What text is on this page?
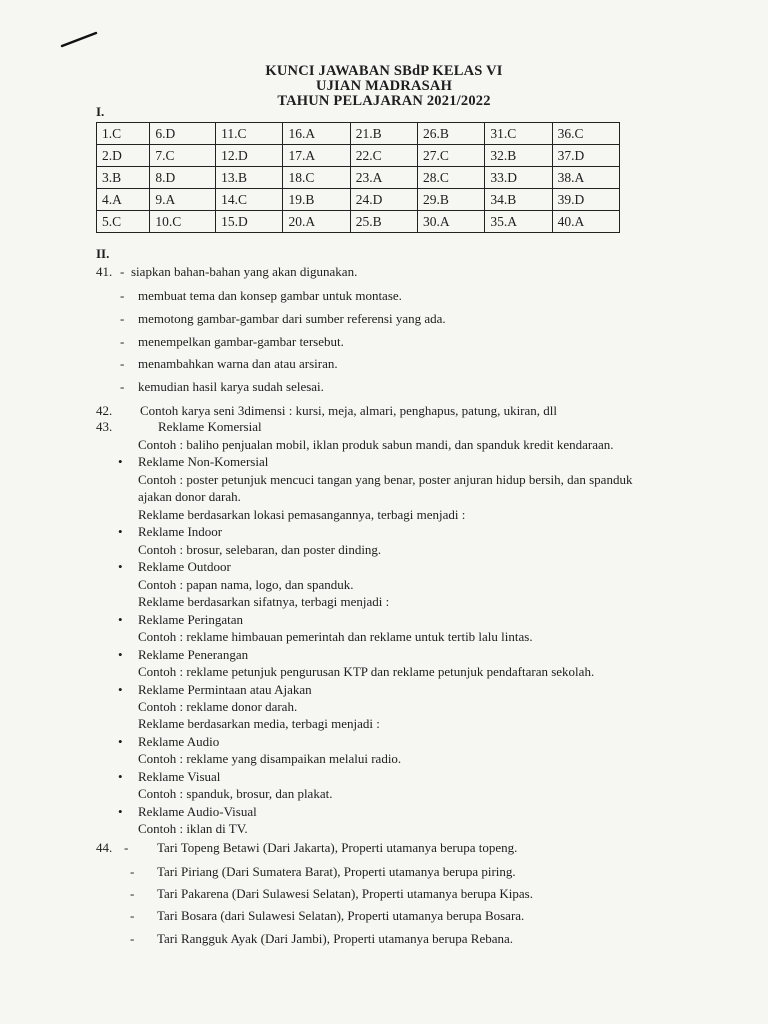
KUNCI JAWABAN SBdP KELAS VI
UJIAN MADRASAH
TAHUN PELAJARAN 2021/2022
I.
1.C	6.D	11.C	16.A	21.B	26.B	31.C	36.C
2.D	7.C	12.D	17.A	22.C	27.C	32.B	37.D
3.B	8.D	13.B	18.C	23.A	28.C	33.D	38.A
4.A	9.A	14.C	19.B	24.D	29.B	34.B	39.D
5.C	10.C	15.D	20.A	25.B	30.A	35.A	40.A
II.
41. - siapkan bahan-bahan yang akan digunakan.
- membuat tema dan konsep gambar untuk montase.
- memotong gambar-gambar dari sumber referensi yang ada.
- menempelkan gambar-gambar tersebut.
- menambahkan warna dan atau arsiran.
- kemudian hasil karya sudah selesai.
42. Contoh karya seni 3dimensi : kursi, meja, almari, penghapus, patung, ukiran, dll
43.	Reklame Komersial
Contoh : baliho penjualan mobil, iklan produk sabun mandi, dan spanduk kredit kendaraan.
• Reklame Non-Komersial
Contoh : poster petunjuk mencuci tangan yang benar, poster anjuran hidup bersih, dan spanduk
ajakan donor darah.
Reklame berdasarkan lokasi pemasangannya, terbagi menjadi :
• Reklame Indoor
Contoh : brosur, selebaran, dan poster dinding.
• Reklame Outdoor
Contoh : papan nama, logo, dan spanduk.
Reklame berdasarkan sifatnya, terbagi menjadi :
• Reklame Peringatan
Contoh : reklame himbauan pemerintah dan reklame untuk tertib lalu lintas.
• Reklame Penerangan
Contoh : reklame petunjuk pengurusan KTP dan reklame petunjuk pendaftaran sekolah.
• Reklame Permintaan atau Ajakan
Contoh : reklame donor darah.
Reklame berdasarkan media, terbagi menjadi :
• Reklame Audio
Contoh : reklame yang disampaikan melalui radio.
• Reklame Visual
Contoh : spanduk, brosur, dan plakat.
• Reklame Audio-Visual
Contoh : iklan di TV.
44. - Tari Topeng Betawi (Dari Jakarta), Properti utamanya berupa topeng.
- Tari Piriang (Dari Sumatera Barat), Properti utamanya berupa piring.
- Tari Pakarena (Dari Sulawesi Selatan), Properti utamanya berupa Kipas.
- Tari Bosara (dari Sulawesi Selatan), Properti utamanya berupa Bosara.
- Tari Rangguk Ayak (Dari Jambi), Properti utamanya berupa Rebana.
